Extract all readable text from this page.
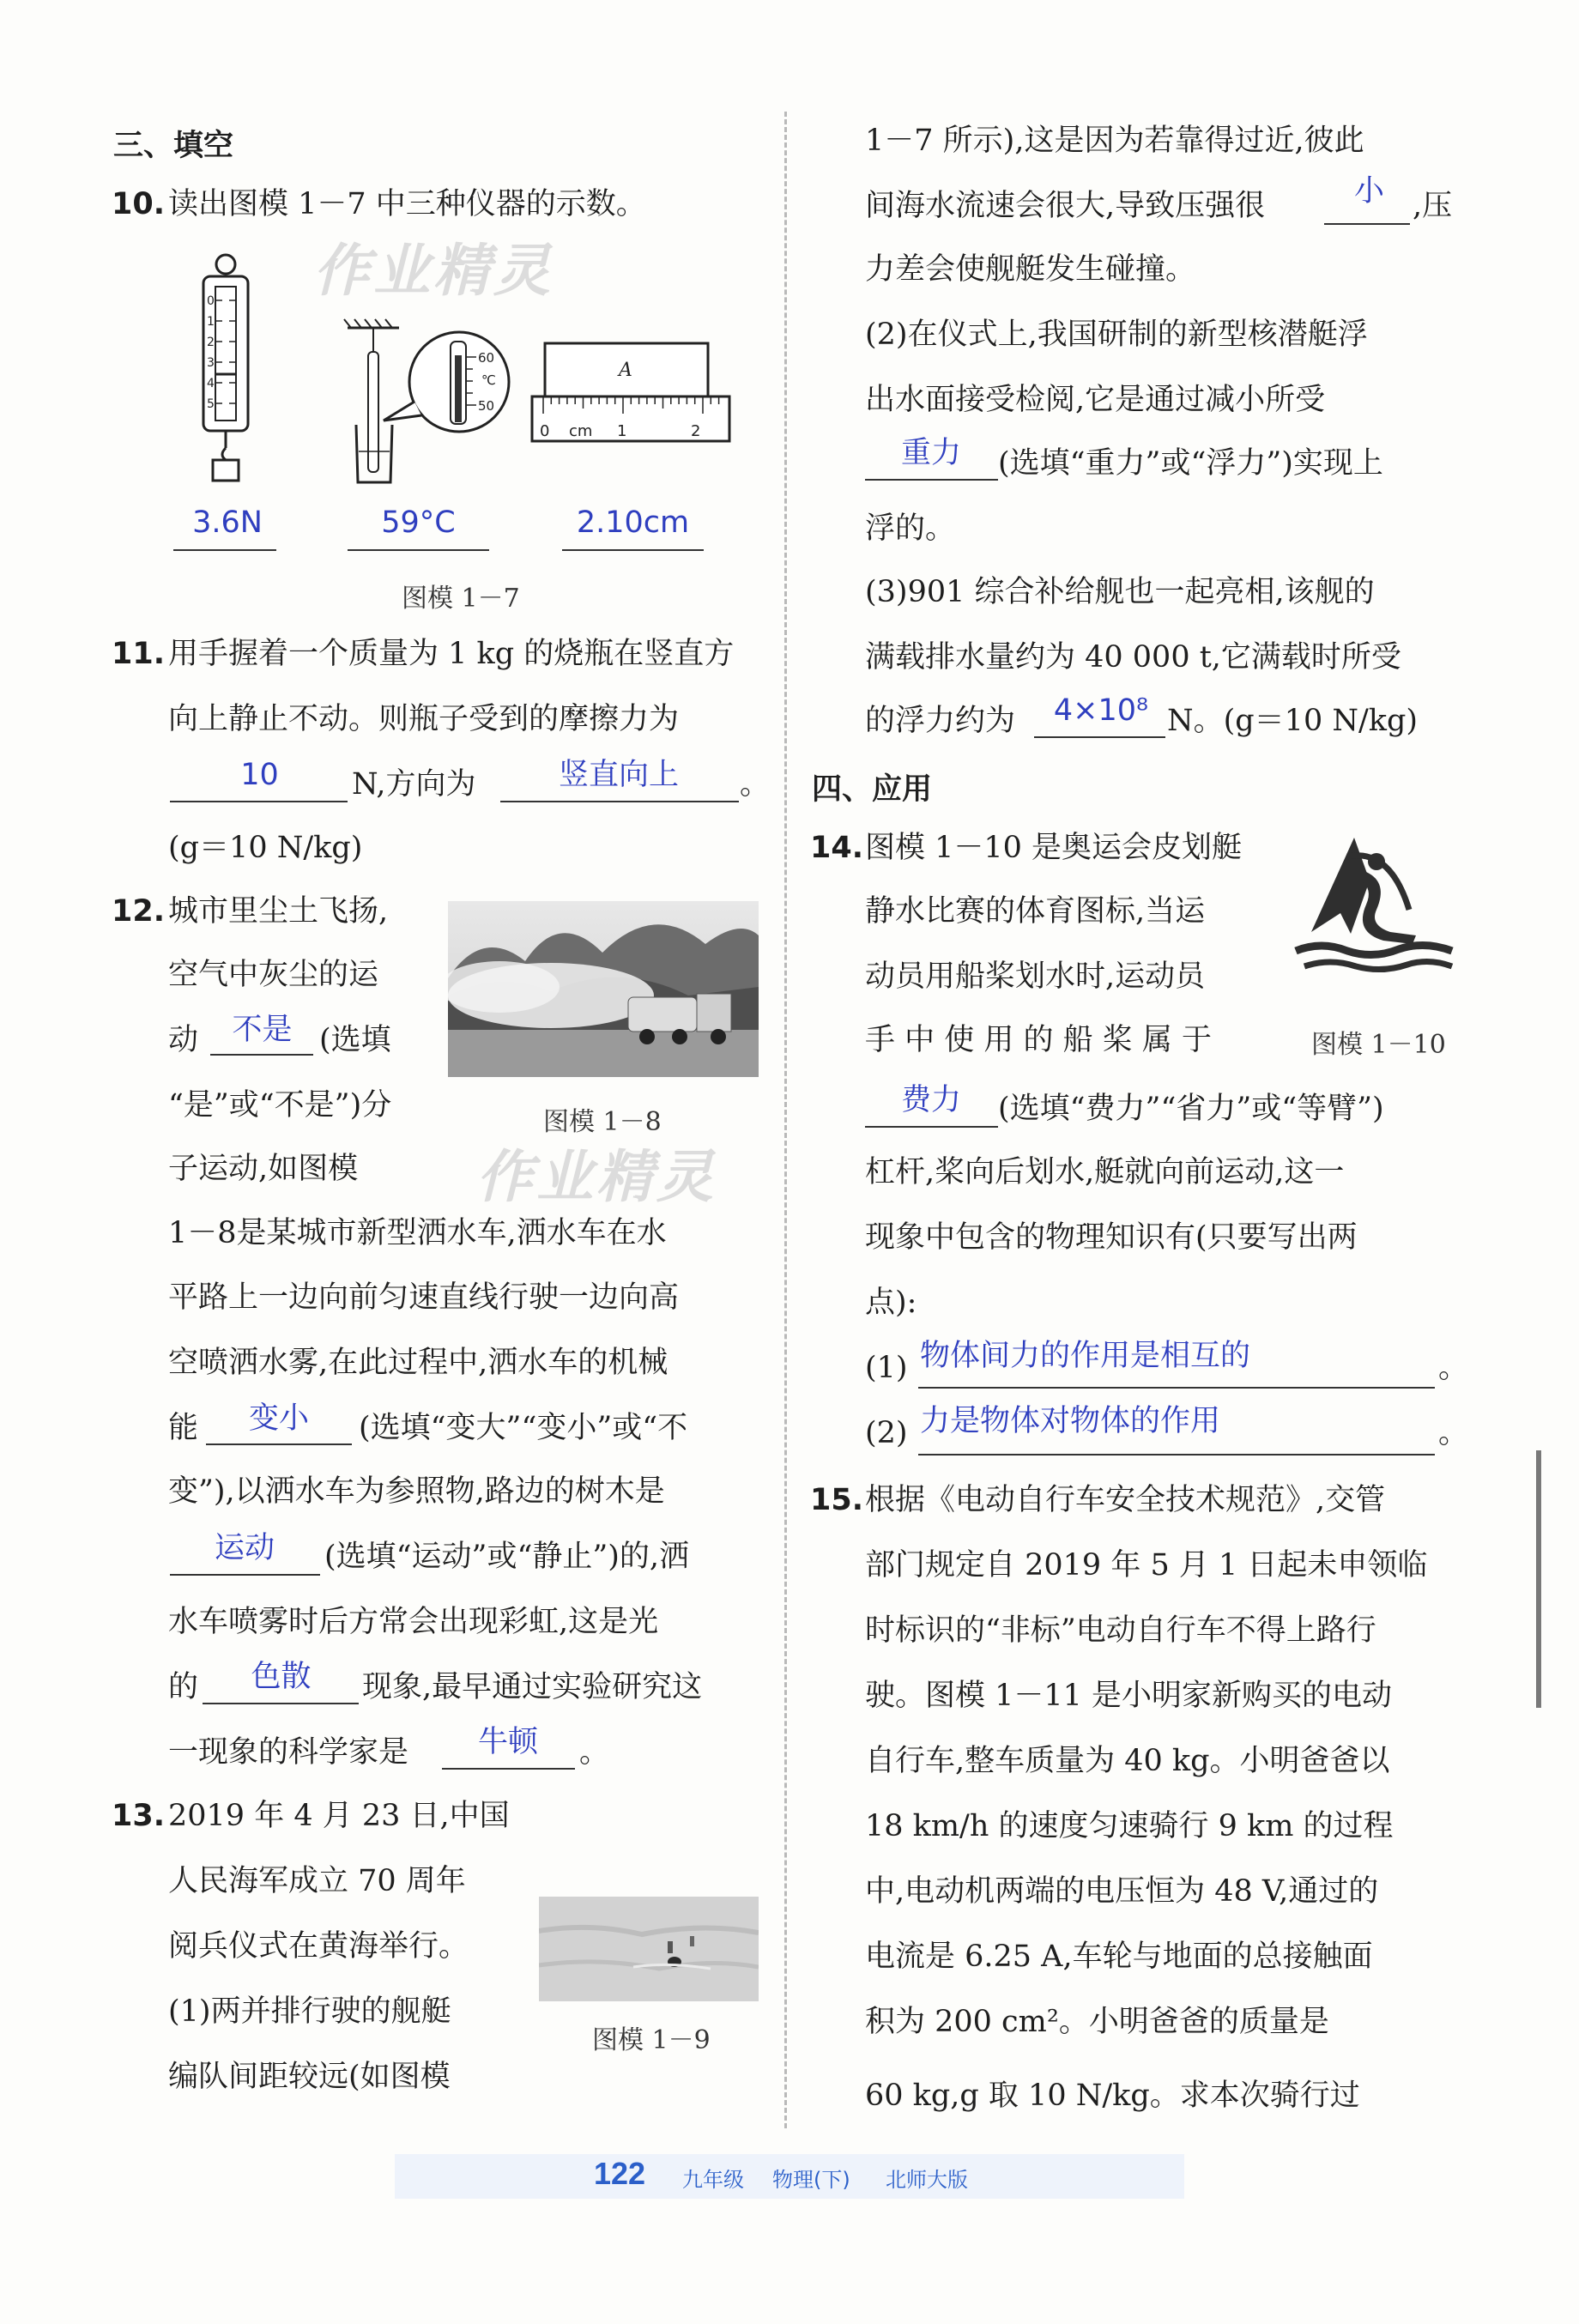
三、填空
10. 读出图模 1－7 中三种仪器的示数。
作业精灵
0
1
2
3
4
5
60
℃
50
A
0 cm 1	2
3.6N	59°C	2.10cm
图模 1－7
11. 用手握着一个质量为 1 kg 的烧瓶在竖直方
向上静止不动。则瓶子受到的摩擦力为
10	N,方向为	竖直向上	。
(g＝10 N/kg)
12. 城市里尘土飞扬,
空气中灰尘的运
动	不是 (选填
“是”或“不是”)分
子运动,如图模
图模 1－8
作业精灵
1－8是某城市新型洒水车,洒水车在水
平路上一边向前匀速直线行驶一边向高
空喷洒水雾,在此过程中,洒水车的机械
能	变小	(选填“变大”“变小”或“不
变”),以洒水车为参照物,路边的树木是
运动	(选填“运动”或“静止”)的,洒
水车喷雾时后方常会出现彩虹,这是光
的	色散	现象,最早通过实验研究这
一现象的科学家是	牛顿	。
13. 2019 年 4 月 23 日,中国
人民海军成立 70 周年
阅兵仪式在黄海举行。
(1)两并排行驶的舰艇
编队间距较远(如图模
图模 1－9
1－7 所示),这是因为若靠得过近,彼此
间海水流速会很大,导致压强很	小 ,压
力差会使舰艇发生碰撞。
(2)在仪式上,我国研制的新型核潜艇浮
出水面接受检阅,它是通过减小所受
重力	(选填“重力”或“浮力”)实现上
浮的。
(3)901 综合补给舰也一起亮相,该舰的
满载排水量约为 40 000 t,它满载时所受
的浮力约为	4×10⁸ N。(g＝10 N/kg)
四、应用
14. 图模 1－10 是奥运会皮划艇
静水比赛的体育图标,当运
动员用船桨划水时,运动员
手 中 使 用 的 船 桨 属 于	图模 1－10
费力	(选填“费力”“省力”或“等臂”)
杠杆,桨向后划水,艇就向前运动,这一
现象中包含的物理知识有(只要写出两
点):
(1) 物体间力的作用是相互的	。
(2) 力是物体对物体的作用	。
15. 根据《电动自行车安全技术规范》,交管
部门规定自 2019 年 5 月 1 日起未申领临
时标识的“非标”电动自行车不得上路行
驶。图模 1－11 是小明家新购买的电动
自行车,整车质量为 40 kg。小明爸爸以
18 km/h 的速度匀速骑行 9 km 的过程
中,电动机两端的电压恒为 48 V,通过的
电流是 6.25 A,车轮与地面的总接触面
积为 200 cm²。小明爸爸的质量是
60 kg,g 取 10 N/kg。求本次骑行过
122 九年级 物理(下) 北师大版
